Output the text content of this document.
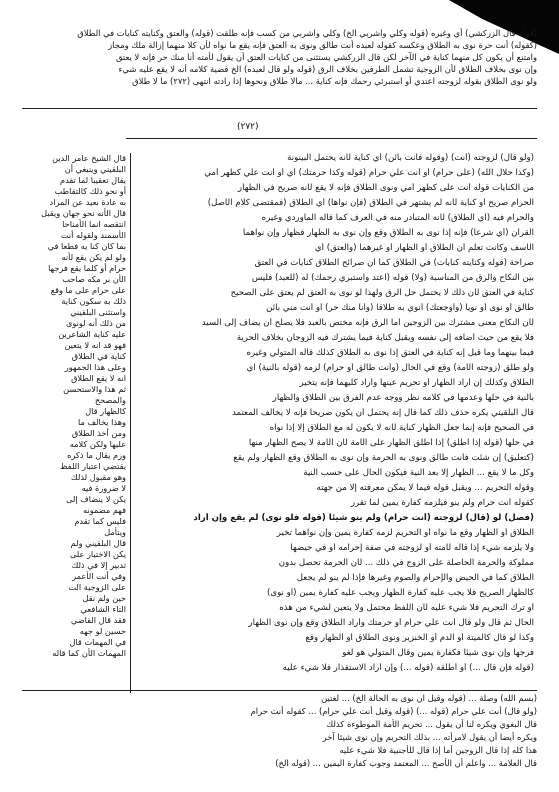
(قوله قال الزركشي) أي وغيره (قوله وكلي واشربي الخ) وكلي واشربي من كسب فإنه طلقت (قوله) والعتق وكنايته كنايات في الطلاق
(كقوله) أنت حرة نوى به الطلاق وعكسه كقوله لعبده أنت طالق ونوى به العتق فإنه يقع ما نواه لأن كلا منهما إزالة ملك ومجاز
وامتنع أن يكون كل منهما كناية في الآخر لكن قال الزركشي يستثنى من كنايات العتق أن يقول لأمته أنا منك حر فإنه لا يعتق
وإن نوى بخلاف الطلاق لأن الزوجية تشمل الطرفين بخلاف الرق (قوله ولو قال لعبده) الخ قضية كلامه أنه لا يقع عليه شيء
ولو نوى الطلاق بقوله لزوجته اعتدي أو استبرئي رحمك فإنه كناية ... مالا طلاق ونحوها إذا رادته انتهى (٢٧٢) ما لا طلاق
(٢٧٢)
(ولو قال) لزوجته (أنت) (وقوله فأنت بائن) أي كناية لأنه يحتمل البينونة
(وكذا حلال الله) (على حرام) أو أنت علي حرام (قوله وكذا حرمتك) أي أو أنت علي كظهر أمي
من الكنايات قوله أنت على كظهر أمي ونوى الطلاق فإنه لا يقع لأنه صريح في الظهار
الحرام صريح أو كناية لأنه لم يشتهر في الطلاق (فإن نواها) أي الطلاق (فمقتضى كلام الأصل)
والحرام فيه (أي الطلاق) لأنه المتبادر منه في العرف كما قاله الماوردي وغيره
القرآن (أي شرعا) فإنه إذا نوى به الطلاق وقع وإن نوى به الظهار فظهار وإن نواهما
الأسف وكانت تعلم أن الطلاق أو الظهار أو غيرهما (والعتق) أي
صراحة (قوله وكنايته كنايات) في الطلاق كما أن صرائح الطلاق كنايات في العتق
بين النكاح والرق من المناسبة (ولا) قوله (اعتد واستبري رحمك) له (للعبد) فليس
كناية في العتق لأن ذلك لا يحتمل حل الرق ولهذا لو نوى به العتق لم يعتق على الصحيح
طالق أو نوى أو نويا (وأوجعتك) أنوي به طلاقا (وأنا منك حر) أو أنت مني بائن
لأن النكاح معنى مشترك بين الزوجين أما الرق فإنه مختص بالعبد فلا يصلح أن يضاف إلى السيد
فلا يقع من حيث أضافه إلى نفسه ويقبل كناية فيما يشترك فيه الزوجان بخلاف الحرية
فيما بينهما وما قيل إنه كناية في العتق إذا نوى به الطلاق كذلك قاله المتولي وغيره
ولو طلق (زوجته الأمة) وقع في الحال (وأنت طالق أو حرام) لزمه (قوله بالنية) أي
الطلاق وكذلك إن أراد الظهار أو تحريم عينها وأراد كليهما فإنه يتخير
بالنية في حلها وعدمها في كلامه نظر ووجه عدم الفرق بين الطلاق والظهار
قال البلقيني يكره حذف ذلك كما قال إنه يحتمل أن يكون صريحا فإنه لا يخالف المعتمد
في الصحيح فإنه إنما جعل الظهار كناية لأنه لا يكون له مع الطلاق إلا إذا نواه
في حلها (قوله إذا أطلق) إذا أطلق الظهار على الأمة لأن الأمة لا يصح الظهار منها
(كتعليق) إن شئت فأنت طالق ونوى به الحرمة وإن نوى به الطلاق وقع الظهار ولم يقع
وكل ما لا يقع ... الظهار إلا بعد النية فيكون الحال على حسب النية
وقوله التحريم ... ويقبل قوله فيما لا يمكن معرفته إلا من جهته
كقوله أنت حرام ولم ينو فيلزمه كفارة يمين لما تقرر
(فصل) لو (قال) لزوجته (أنت حرام) ولم ينو شيئا (قوله فلو نوى) لم يقع وإن أراد
الطلاق أو الظهار وقع ما نواه أو التحريم لزمه كفارة يمين وإن نواهما تخير
ولا يلزمه شيء إذا قاله لأمته أو لزوجته في صفة إحرامه أو في حيضها
مملوكة والحرمة الحاصلة على الزوج في ذلك ... لأن الحرمة تحصل بدون
الطلاق كما في الحيض والإحرام والصوم وغيرها فإذا لم ينو لم يجعل
كالظهار الصريح فلا يجب عليه كفارة الظهار ويجب عليه كفارة يمين (أو نوى)
أو ترك التحريم فلا شيء عليه لأن اللفظ محتمل ولا يتعين لشيء من هذه
الحال ثم قال ولو قال أنت علي حرام أو حرمتك وأراد الطلاق وقع وإن نوى الظهار
وكذا لو قال كالميتة أو الدم أو الخنزير ونوى الطلاق أو الظهار وقع
فرجها وإن نوى شيئا فكفارة يمين وقال المتولي هو لغو
(قوله فإن قال ...) أو أطلقه (قوله ...) وإن أراد الاستقذار فلا شيء عليه
قال الشيخ عامر الدين
البلقيني وينبغي أن
يقال تعقيبا لما تقدم
أو نحو ذلك كالتقاطب
به عادة بعيد عن المراد
قال الأنه نحو جهان ويقبل
انتقصه انما الأمناحا
الأسمند ولقوله أنت
بما كان كنا يه فطعا في
ولو لم يكن يقع لأنه
حرام أو كلما يقع فرجها
الأن بر مكه صاحب
على حرام على ما وقع
ذلك به سكون كناية
واستثنى البلقيني
من ذلك أنه لونوى
عليه كناية الشاعرين
فهو قد انه لا يتعين
كناية في الطلاق
وعلى هذا الجمهور
انه لا يقع الطلاق
ثم هذا والاستحسن
والمصحح
كالظهار قال
وهذا يخالف ما
ومن أخذ الطلاق
عليها ولكن كلامه
وزم يقال ما ذكره
يقتضي اعتبار اللفظ
وهو مقبول لذلك
لا ضرورة فيه
يكن لا ينضاف إلى
فهم مضمونه
فليس كما تقدم
ويتأمل
قال البلقيني ولم
يكن الاختيار على
تدبير إلا في ذلك
وفي أنت الأعمر
على الزوجية الت
حين ولم نقل
التاء الشافعي
فقد قال القاضي
حسين لو جهه
في المهمات قال
المهمات الأن كما قاله
(بسم الله) وصلة ... (قوله وقيل ان نوى به الحالة الخ) ... لغتين
(ولو قال) أنت علي حرام (قوله ...) (قوله وقيل أنت علي حرام) ... كقوله أنت حرام
قال البغوي ويكره لنا أن يقول ... تحريم الأمة الموطوءة كذلك
ويكره أيضا أن يقول لامرأته ... بذلك التحريم وإن نوى شيئا آخر
هذا كله إذا قال الزوجين أما إذا قال للأجنبية فلا شيء عليه
قال العلامة ... واعلم أن الأصح ... المعتمد وجوب كفارة اليمين ... (قوله الخ)
